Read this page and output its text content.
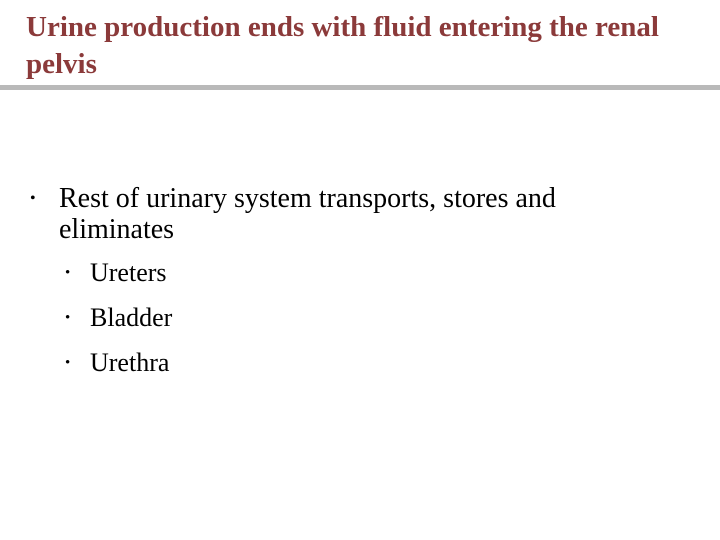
Urine production ends with fluid entering the renal pelvis
• Rest of urinary system transports, stores and eliminates
• Ureters
• Bladder
• Urethra
